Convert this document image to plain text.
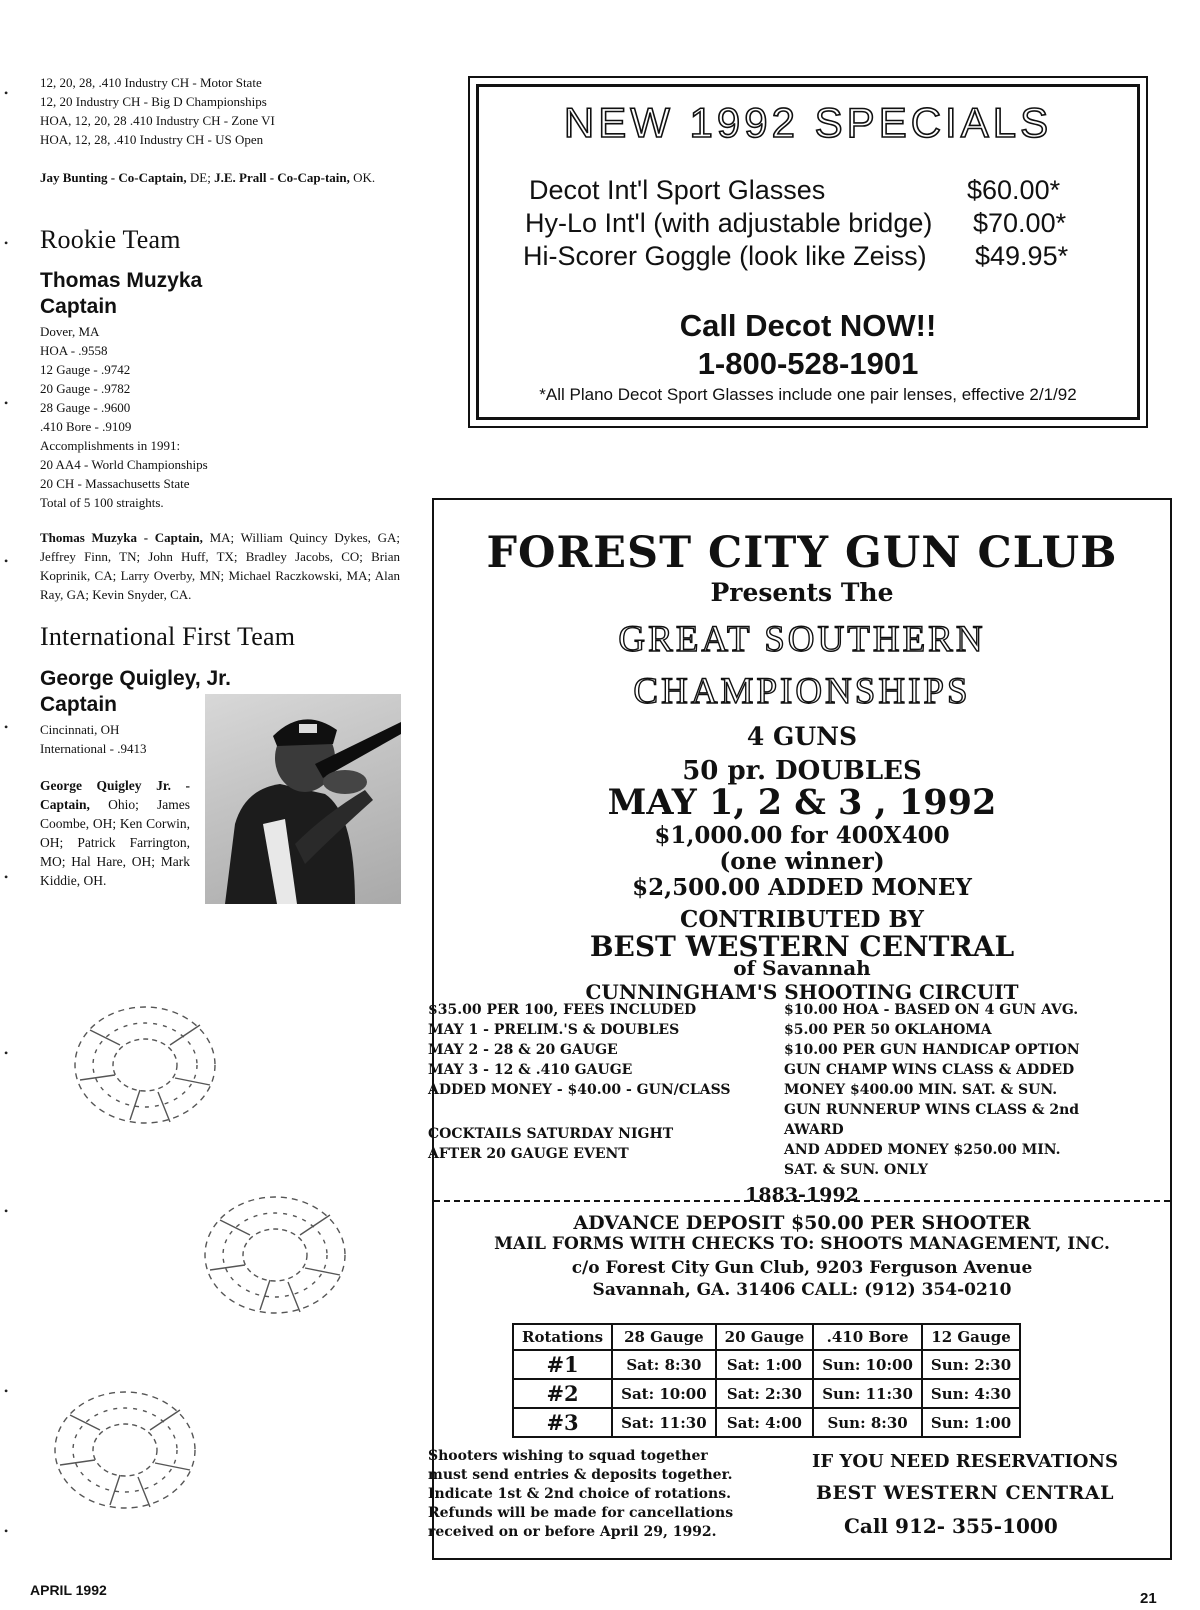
12, 20, 28, .410 Industry CH - Motor State
12, 20 Industry CH - Big D Championships
HOA, 12, 20, 28 .410 Industry CH - Zone VI
HOA, 12, 28, .410 Industry CH - US Open
Jay Bunting - Co-Captain, DE; J.E. Prall - Co-Cap-tain, OK.
Rookie Team
Thomas Muzyka
Captain
Dover, MA
HOA - .9558
12 Gauge - .9742
20 Gauge - .9782
28 Gauge - .9600
.410 Bore - .9109
Accomplishments in 1991:
20 AA4 - World Championships
20 CH - Massachusetts State
Total of 5 100 straights.
Thomas Muzyka - Captain, MA; William Quincy Dykes, GA; Jeffrey Finn, TN; John Huff, TX; Bradley Jacobs, CO; Brian Koprinik, CA; Larry Overby, MN; Michael Raczkowski, MA; Alan Ray, GA; Kevin Snyder, CA.
International First Team
George Quigley, Jr.
Captain
Cincinnati, OH
International - .9413
George Quigley Jr. - Captain, Ohio; James Coombe, OH; Ken Corwin, OH; Patrick Farrington, MO; Hal Hare, OH; Mark Kiddie, OH.
•
•
•
•
•
•
•
•
•
•
NEW 1992 SPECIALS
Decot Int'l Sport Glasses	$60.00*
Hy-Lo Int'l (with adjustable bridge) $70.00*
Hi-Scorer Goggle (look like Zeiss) $49.95*
Call Decot NOW!!
1-800-528-1901
*All Plano Decot Sport Glasses include one pair lenses, effective 2/1/92
FOREST CITY GUN CLUB
Presents The
GREAT SOUTHERN
CHAMPIONSHIPS
4 GUNS
50 pr. DOUBLES
MAY 1, 2 & 3 , 1992
$1,000.00 for 400X400
(one winner)
$2,500.00 ADDED MONEY
CONTRIBUTED BY
BEST WESTERN CENTRAL
of Savannah
CUNNINGHAM'S SHOOTING CIRCUIT
$35.00 PER 100, FEES INCLUDED
MAY 1 - PRELIM.'S & DOUBLES
MAY 2 - 28 & 20 GAUGE
MAY 3 - 12 & .410 GAUGE
ADDED MONEY - $40.00 - GUN/CLASS
COCKTAILS SATURDAY NIGHT
AFTER 20 GAUGE EVENT
$10.00 HOA - BASED ON 4 GUN AVG.
$5.00 PER 50 OKLAHOMA
$10.00 PER GUN HANDICAP OPTION
GUN CHAMP WINS CLASS & ADDED
MONEY $400.00 MIN. SAT. & SUN.
GUN RUNNERUP WINS CLASS & 2nd
AWARD
AND ADDED MONEY $250.00 MIN.
SAT. & SUN. ONLY
1883-1992
ADVANCE DEPOSIT $50.00 PER SHOOTER
MAIL FORMS WITH CHECKS TO: SHOOTS MANAGEMENT, INC.
c/o Forest City Gun Club, 9203 Ferguson Avenue
Savannah, GA. 31406 CALL: (912) 354-0210
Rotations	28 Gauge	20 Gauge	.410 Bore	12 Gauge
#1	Sat: 8:30	Sat: 1:00	Sun: 10:00	Sun: 2:30
#2	Sat: 10:00	Sat: 2:30	Sun: 11:30	Sun: 4:30
#3	Sat: 11:30	Sat: 4:00	Sun: 8:30	Sun: 1:00
Shooters wishing to squad together
must send entries & deposits together.
Indicate 1st & 2nd choice of rotations.
Refunds will be made for cancellations
received on or before April 29, 1992.
IF YOU NEED RESERVATIONS
BEST WESTERN CENTRAL
Call 912- 355-1000
APRIL 1992	21
